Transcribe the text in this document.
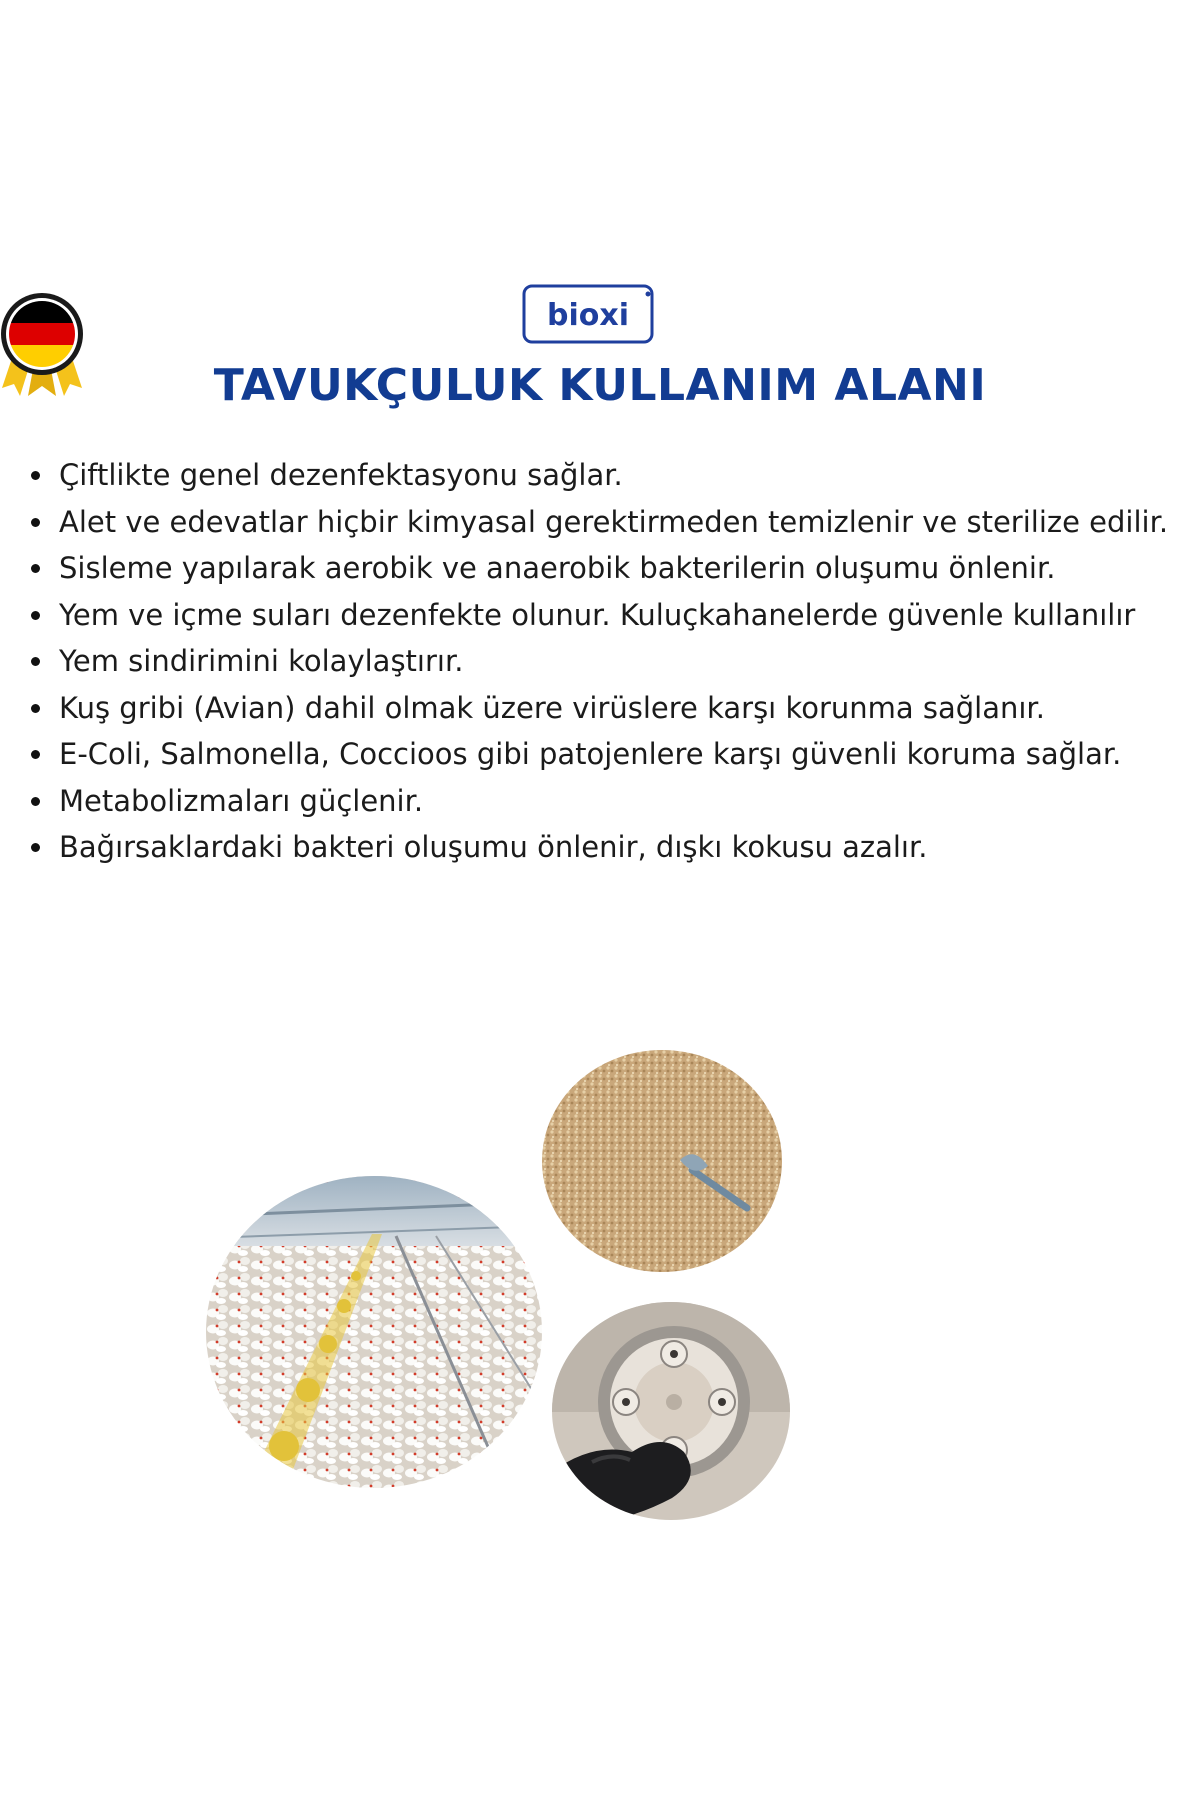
bioxi
TAVUKÇULUK KULLANIM ALANI
Çiftlikte genel dezenfektasyonu sağlar.
Alet ve edevatlar hiçbir kimyasal gerektirmeden temizlenir ve sterilize edilir.
Sisleme yapılarak aerobik ve anaerobik bakterilerin oluşumu önlenir.
Yem ve içme suları dezenfekte olunur. Kuluçkahanelerde güvenle kullanılır
Yem sindirimini kolaylaştırır.
Kuş gribi (Avian) dahil olmak üzere virüslere karşı korunma sağlanır.
E-Coli, Salmonella, Coccioos gibi patojenlere karşı güvenli koruma sağlar.
Metabolizmaları güçlenir.
Bağırsaklardaki bakteri oluşumu önlenir, dışkı kokusu azalır.
